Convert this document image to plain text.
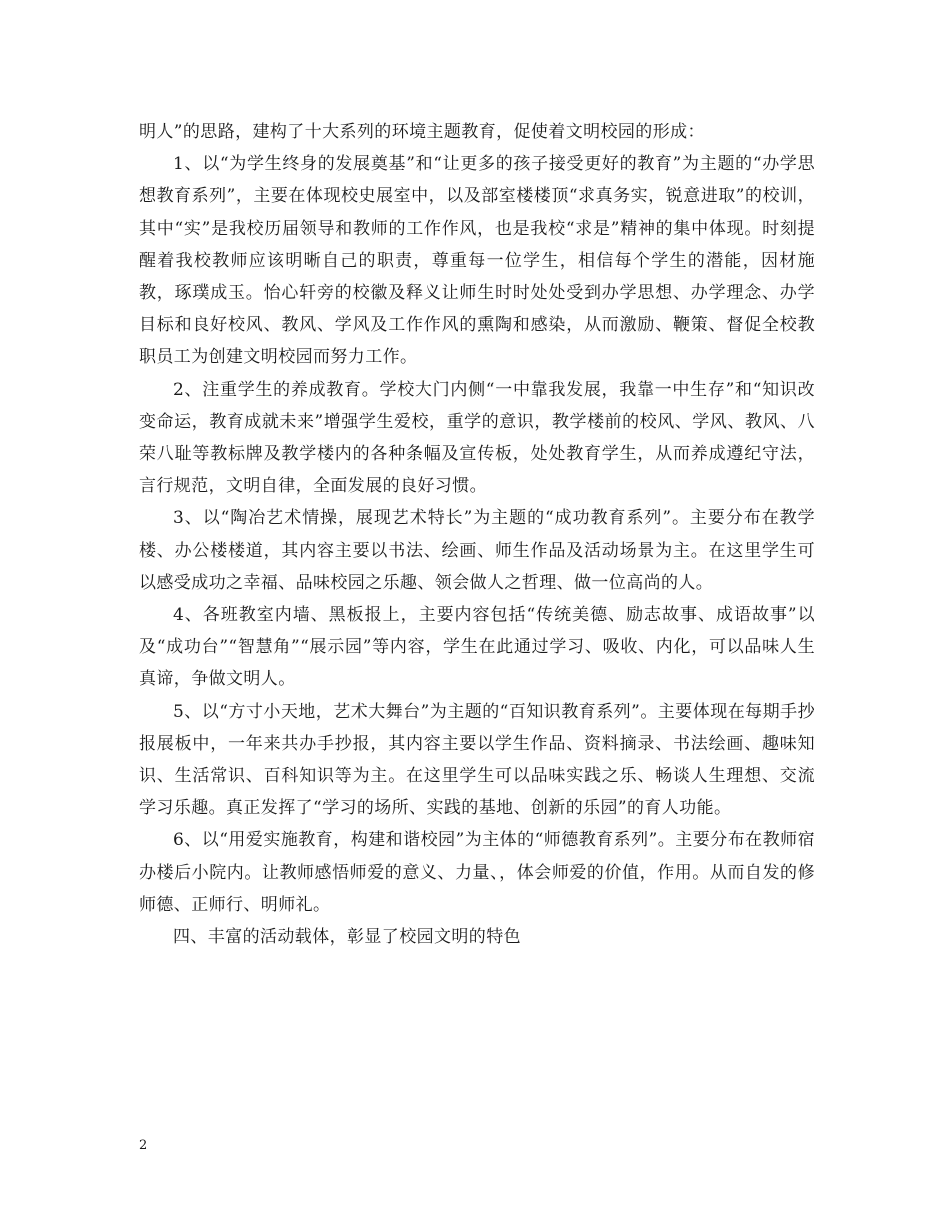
明人”的思路，建构了十大系列的环境主题教育，促使着文明校园的形成：

1、以“为学生终身的发展奠基”和“让更多的孩子接受更好的教育”为主题的“办学思想教育系列”，主要在体现校史展室中，以及部室楼楼顶“求真务实，锐意进取”的校训，其中“实”是我校历届领导和教师的工作作风，也是我校“求是”精神的集中体现。时刻提醒着我校教师应该明晰自己的职责，尊重每一位学生，相信每个学生的潜能，因材施教，琢璞成玉。怡心轩旁的校徽及释义让师生时时处处受到办学思想、办学理念、办学目标和良好校风、教风、学风及工作作风的熏陶和感染，从而激励、鞭策、督促全校教职员工为创建文明校园而努力工作。

2、注重学生的养成教育。学校大门内侧“一中靠我发展，我靠一中生存”和“知识改变命运，教育成就未来”增强学生爱校，重学的意识，教学楼前的校风、学风、教风、八荣八耻等教标牌及教学楼内的各种条幅及宣传板，处处教育学生，从而养成遵纪守法，言行规范，文明自律，全面发展的良好习惯。

3、以“陶冶艺术情操，展现艺术特长”为主题的“成功教育系列”。主要分布在教学楼、办公楼楼道，其内容主要以书法、绘画、师生作品及活动场景为主。在这里学生可以感受成功之幸福、品味校园之乐趣、领会做人之哲理、做一位高尚的人。

4、各班教室内墙、黑板报上，主要内容包括“传统美德、励志故事、成语故事”以及“成功台”“智慧角”“展示园”等内容，学生在此通过学习、吸收、内化，可以品味人生真谛，争做文明人。

5、以“方寸小天地，艺术大舞台”为主题的“百知识教育系列”。主要体现在每期手抄报展板中，一年来共办手抄报，其内容主要以学生作品、资料摘录、书法绘画、趣味知识、生活常识、百科知识等为主。在这里学生可以品味实践之乐、畅谈人生理想、交流学习乐趣。真正发挥了“学习的场所、实践的基地、创新的乐园”的育人功能。

6、以“用爱实施教育，构建和谐校园”为主体的“师德教育系列”。主要分布在教师宿办楼后小院内。让教师感悟师爱的意义、力量、，体会师爱的价值，作用。从而自发的修师德、正师行、明师礼。

四、丰富的活动载体，彰显了校园文明的特色

2
